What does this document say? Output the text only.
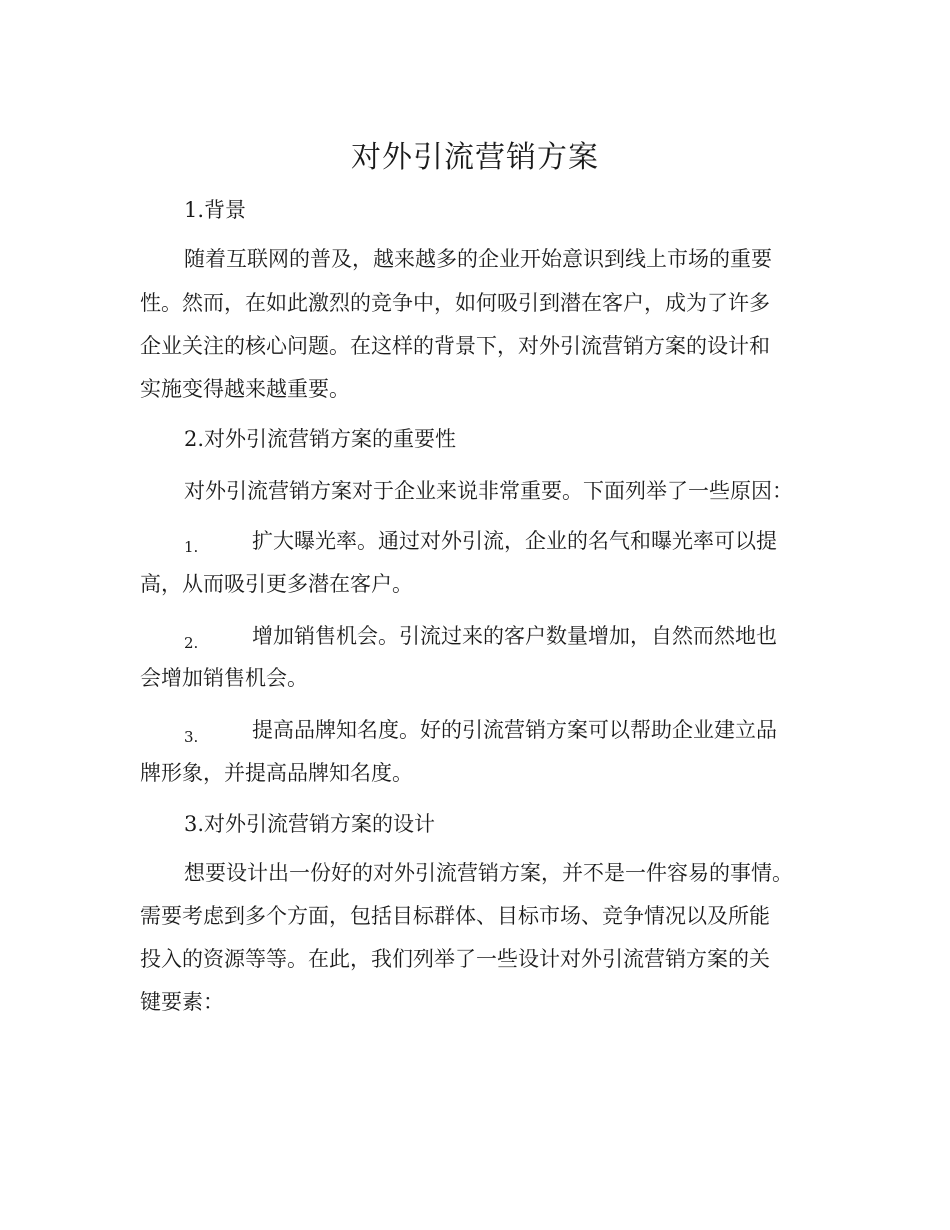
对外引流营销方案
1.背景
随着互联网的普及，越来越多的企业开始意识到线上市场的重要
性。然而，在如此激烈的竞争中，如何吸引到潜在客户，成为了许多
企业关注的核心问题。在这样的背景下，对外引流营销方案的设计和
实施变得越来越重要。
2.对外引流营销方案的重要性
对外引流营销方案对于企业来说非常重要。下面列举了一些原因：
1.	扩大曝光率。通过对外引流，企业的名气和曝光率可以提
高，从而吸引更多潜在客户。
2.	增加销售机会。引流过来的客户数量增加，自然而然地也
会增加销售机会。
3.	提高品牌知名度。好的引流营销方案可以帮助企业建立品
牌形象，并提高品牌知名度。
3.对外引流营销方案的设计
想要设计出一份好的对外引流营销方案，并不是一件容易的事情。
需要考虑到多个方面，包括目标群体、目标市场、竞争情况以及所能
投入的资源等等。在此，我们列举了一些设计对外引流营销方案的关
键要素：
